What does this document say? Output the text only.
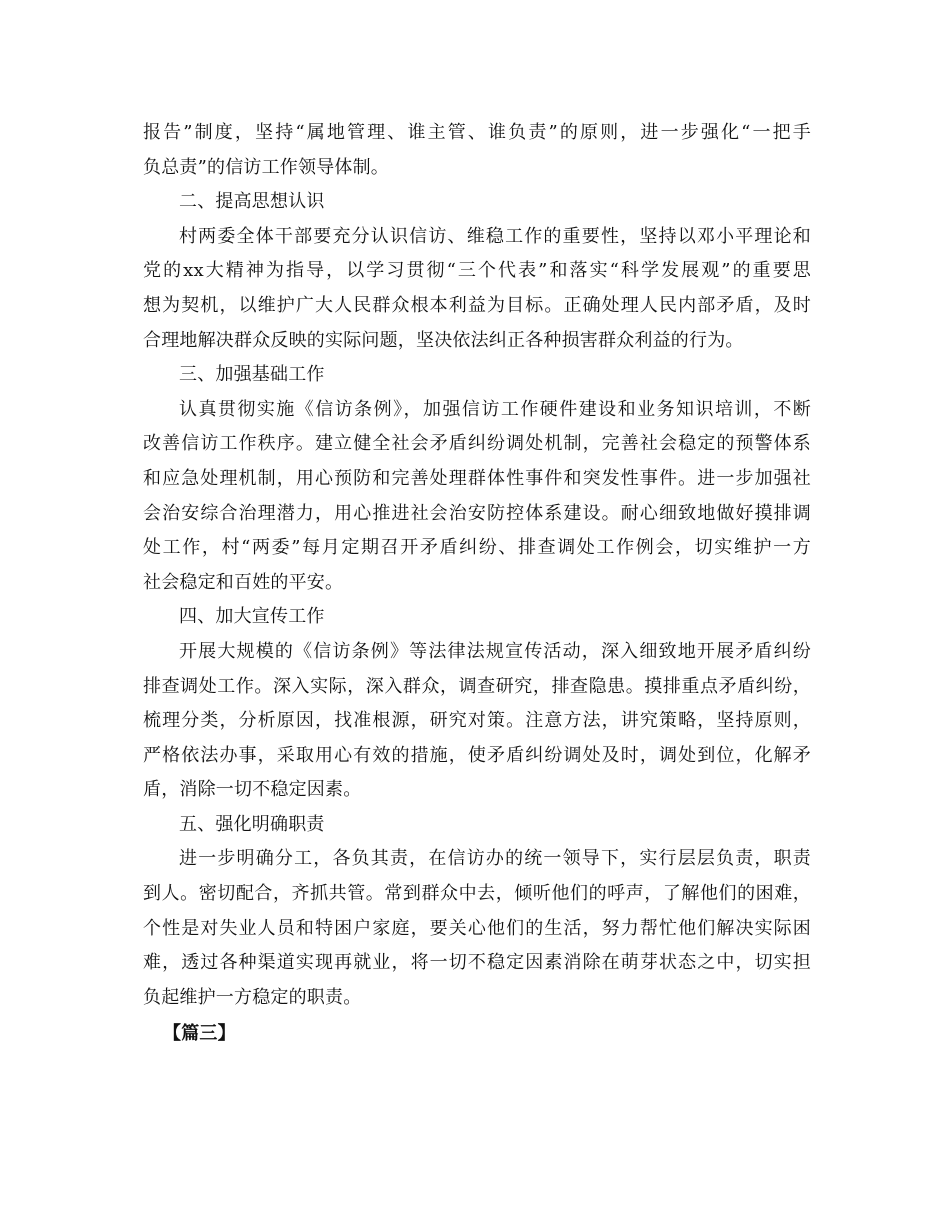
报告”制度，坚持“属地管理、谁主管、谁负责”的原则，进一步强化“一把手
负总责”的信访工作领导体制。
二、提高思想认识
村两委全体干部要充分认识信访、维稳工作的重要性，坚持以邓小平理论和
党的xx大精神为指导，以学习贯彻“三个代表”和落实“科学发展观”的重要思
想为契机，以维护广大人民群众根本利益为目标。正确处理人民内部矛盾，及时
合理地解决群众反映的实际问题，坚决依法纠正各种损害群众利益的行为。
三、加强基础工作
认真贯彻实施《信访条例》，加强信访工作硬件建设和业务知识培训，不断
改善信访工作秩序。建立健全社会矛盾纠纷调处机制，完善社会稳定的预警体系
和应急处理机制，用心预防和完善处理群体性事件和突发性事件。进一步加强社
会治安综合治理潜力，用心推进社会治安防控体系建设。耐心细致地做好摸排调
处工作，村“两委”每月定期召开矛盾纠纷、排查调处工作例会，切实维护一方
社会稳定和百姓的平安。
四、加大宣传工作
开展大规模的《信访条例》等法律法规宣传活动，深入细致地开展矛盾纠纷
排查调处工作。深入实际，深入群众，调查研究，排查隐患。摸排重点矛盾纠纷，
梳理分类，分析原因，找准根源，研究对策。注意方法，讲究策略，坚持原则，
严格依法办事，采取用心有效的措施，使矛盾纠纷调处及时，调处到位，化解矛
盾，消除一切不稳定因素。
五、强化明确职责
进一步明确分工，各负其责，在信访办的统一领导下，实行层层负责，职责
到人。密切配合，齐抓共管。常到群众中去，倾听他们的呼声，了解他们的困难，
个性是对失业人员和特困户家庭，要关心他们的生活，努力帮忙他们解决实际困
难，透过各种渠道实现再就业，将一切不稳定因素消除在萌芽状态之中，切实担
负起维护一方稳定的职责。
【篇三】
